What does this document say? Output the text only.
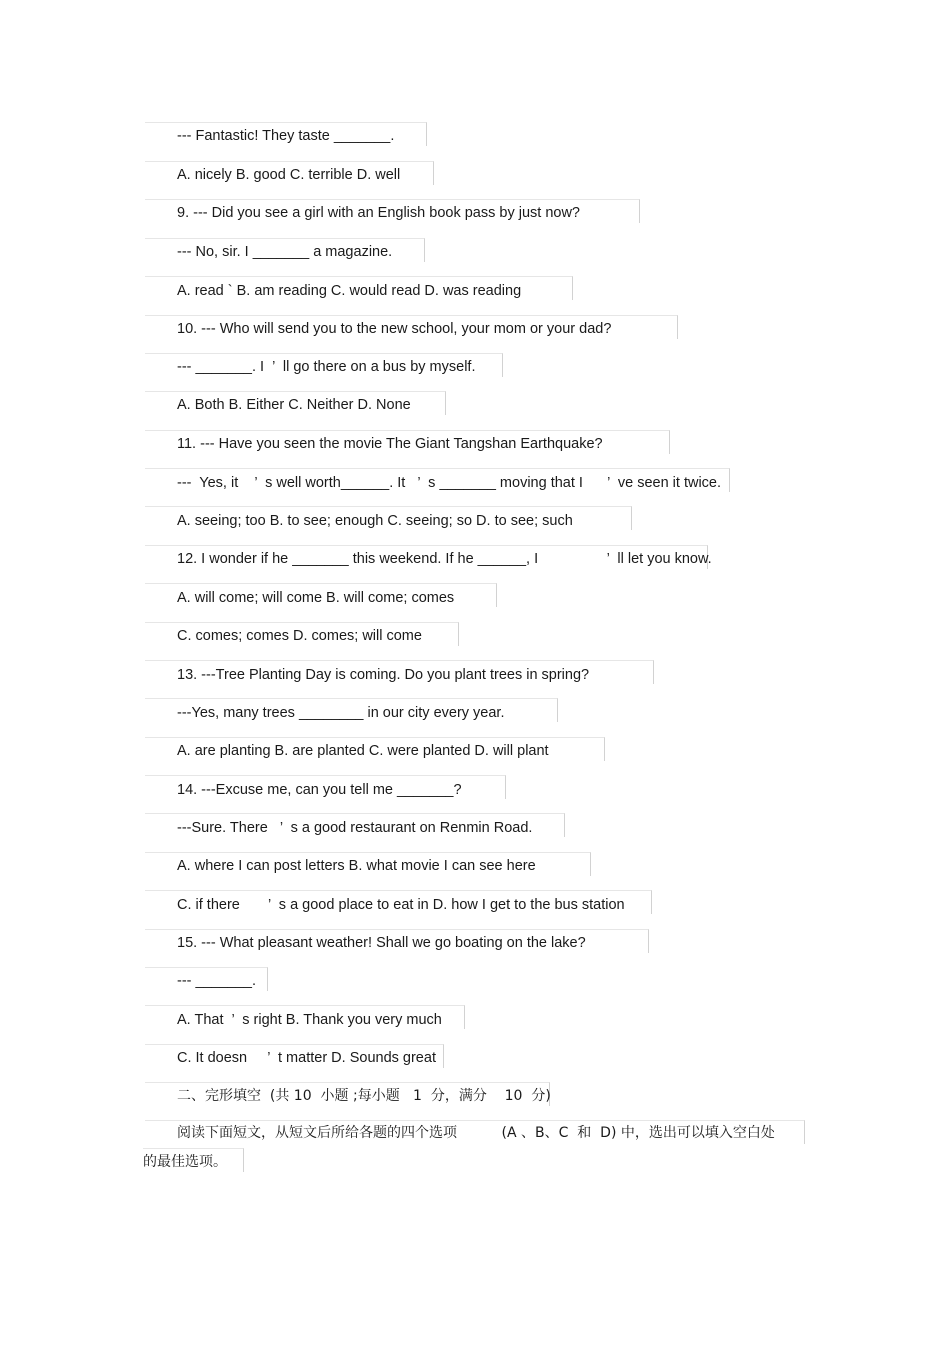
--- Fantastic! They taste _______.
A. nicely B. good C. terrible D. well
9. --- Did you see a girl with an English book pass by just now?
--- No, sir. I _______ a magazine.
A. read ` B. am reading C. would read D. was reading
10. --- Who will send you to the new school, your mom or your dad?
--- _______. I  ’  ll go there on a bus by myself.
A. Both B. Either C. Neither D. None
11. --- Have you seen the movie The Giant Tangshan Earthquake?
---  Yes, it    ’  s well worth______. It   ’  s _______ moving that I      ’  ve seen it twice.
A. seeing; too B. to see; enough C. seeing; so D. to see; such
12. I wonder if he _______ this weekend. If he ______, I                 ’  ll let you know.
A. will come; will come B. will come; comes
C. comes; comes D. comes; will come
13. ---Tree Planting Day is coming. Do you plant trees in spring?
---Yes, many trees ________ in our city every year.
A. are planting B. are planted C. were planted D. will plant
14. ---Excuse me, can you tell me _______?
---Sure. There   ’  s a good restaurant on Renmin Road.
A. where I can post letters B. what movie I can see here
C. if there       ’  s a good place to eat in D. how I get to the bus station
15. --- What pleasant weather! Shall we go boating on the lake?
--- _______.
A. That  ’  s right B. Thank you very much
C. It doesn     ’  t matter D. Sounds great
二、完形填空  (共 10  小题 ;每小题   1  分，满分    10  分)
阅读下面短文，从短文后所给各题的四个选项          (A 、B、C  和  D) 中，选出可以填入空白处
的最佳选项。
